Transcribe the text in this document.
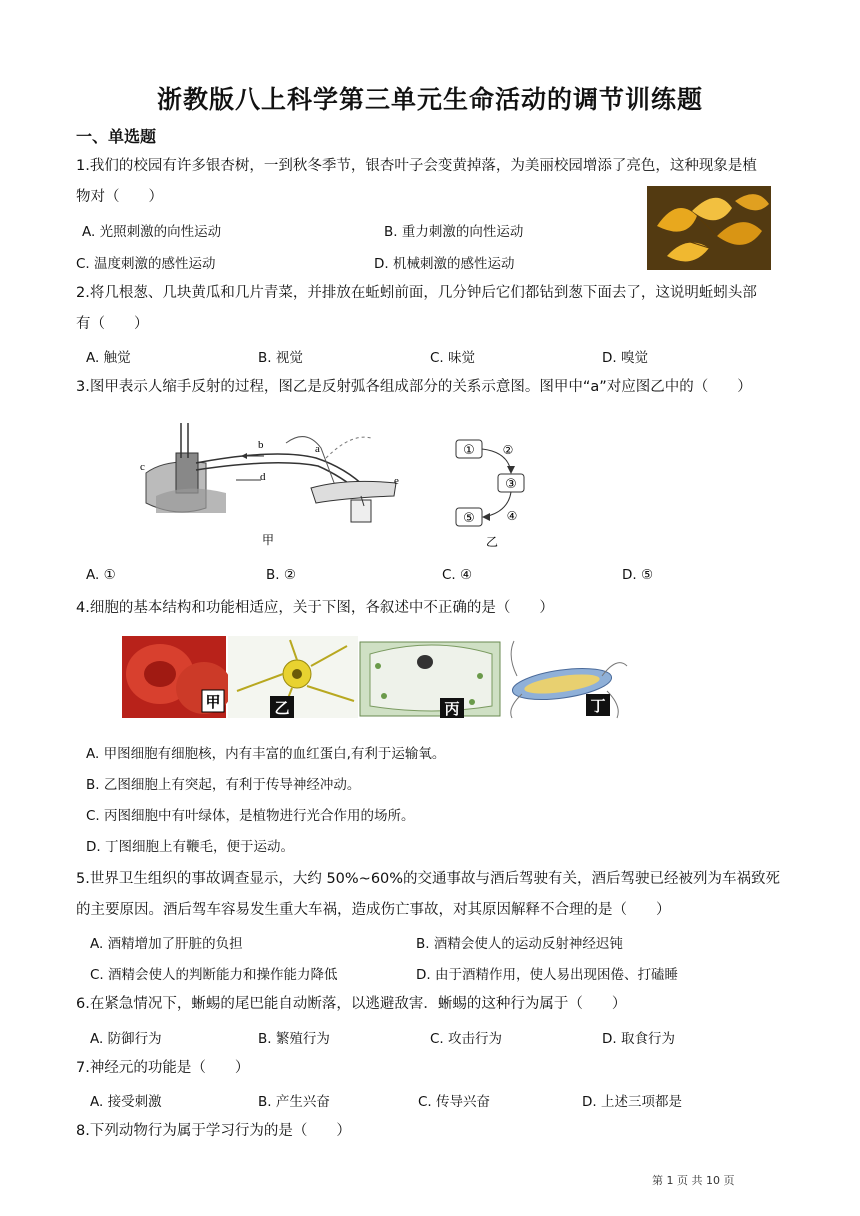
浙教版八上科学第三单元生命活动的调节训练题
一、单选题
1.我们的校园有许多银杏树，一到秋冬季节，银杏叶子会变黄掉落，为美丽校园增添了亮色，这种现象是植
物对（　　）
A. 光照刺激的向性运动	B. 重力刺激的向性运动
C. 温度刺激的感性运动	D. 机械刺激的感性运动
2.将几根葱、几块黄瓜和几片青菜，并排放在蚯蚓前面，几分钟后它们都钻到葱下面去了，这说明蚯蚓头部
有（　　）
A. 触觉	B. 视觉	C. 味觉	D. 嗅觉
3.图甲表示人缩手反射的过程，图乙是反射弧各组成部分的关系示意图。图甲中“a”对应图乙中的（　　）
c
b
d
a
e
甲
① ②
③
④
⑤
乙
A. ①	B. ②	C. ④	D. ⑤
4.细胞的基本结构和功能相适应，关于下图，各叙述中不正确的是（　　）
甲	乙	丙	丁
A. 甲图细胞有细胞核，内有丰富的血红蛋白,有利于运输氧。
B. 乙图细胞上有突起，有利于传导神经冲动。
C. 丙图细胞中有叶绿体，是植物进行光合作用的场所。
D. 丁图细胞上有鞭毛，便于运动。
5.世界卫生组织的事故调查显示，大约 50%~60%的交通事故与酒后驾驶有关，酒后驾驶已经被列为车祸致死
的主要原因。酒后驾车容易发生重大车祸，造成伤亡事故，对其原因解释不合理的是（　　）
A. 酒精增加了肝脏的负担	B. 酒精会使人的运动反射神经迟钝
C. 酒精会使人的判断能力和操作能力降低	D. 由于酒精作用，使人易出现困倦、打磕睡
6.在紧急情况下，蜥蜴的尾巴能自动断落，以逃避敌害．蜥蜴的这种行为属于（　　）
A. 防御行为	B. 繁殖行为	C. 攻击行为	D. 取食行为
7.神经元的功能是（　　）
A. 接受刺激	B. 产生兴奋	C. 传导兴奋	D. 上述三项都是
8.下列动物行为属于学习行为的是（　　）
第 1 页 共 10 页
